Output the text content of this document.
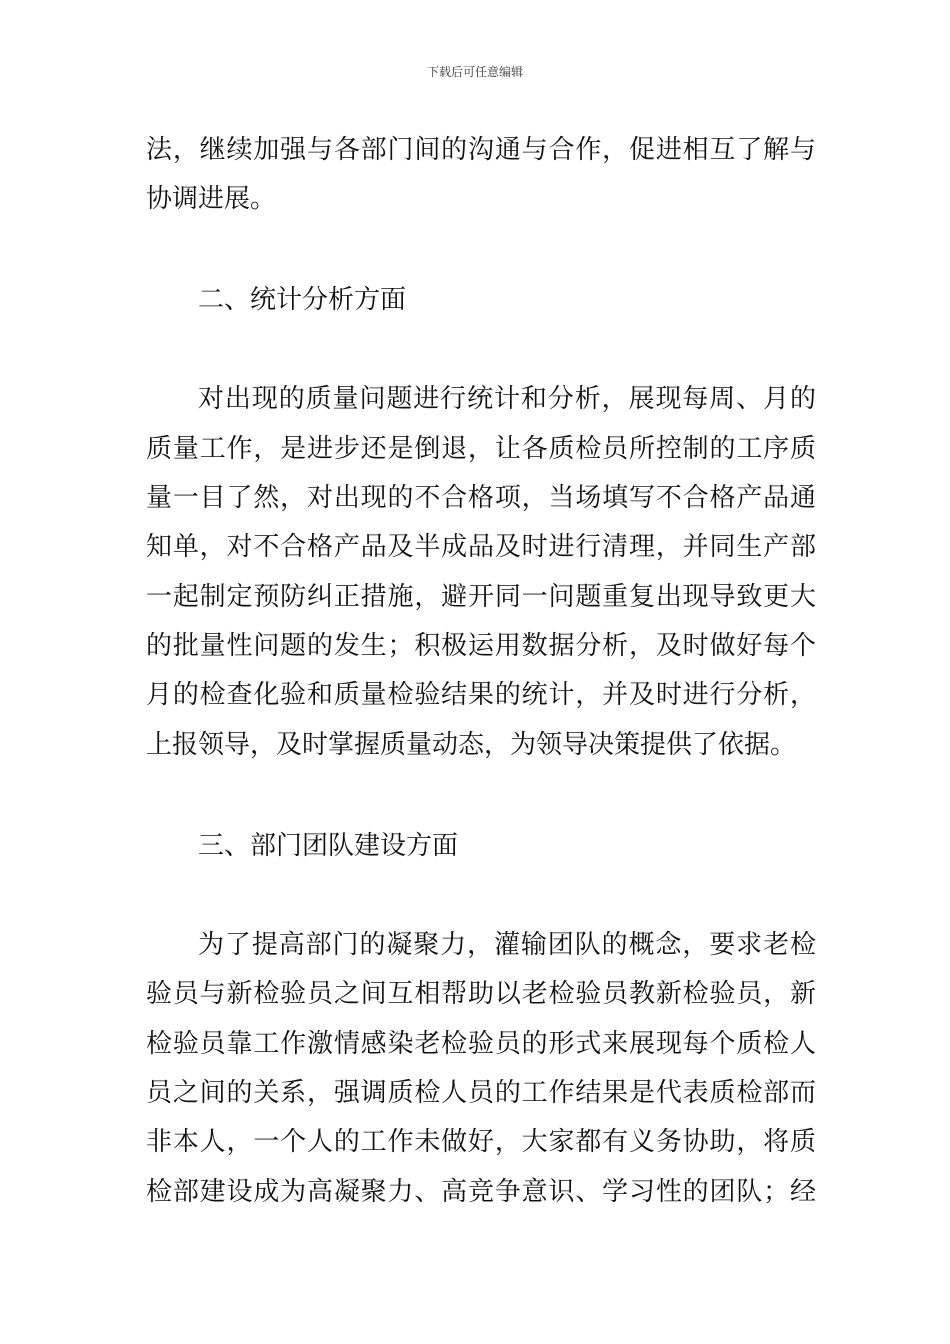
下载后可任意编辑
法，继续加强与各部门间的沟通与合作，促进相互了解与
协调进展。
二、统计分析方面
对出现的质量问题进行统计和分析，展现每周、月的
质量工作，是进步还是倒退，让各质检员所控制的工序质
量一目了然，对出现的不合格项，当场填写不合格产品通
知单，对不合格产品及半成品及时进行清理，并同生产部
一起制定预防纠正措施，避开同一问题重复出现导致更大
的批量性问题的发生；积极运用数据分析，及时做好每个
月的检查化验和质量检验结果的统计，并及时进行分析，
上报领导，及时掌握质量动态，为领导决策提供了依据。
三、部门团队建设方面
为了提高部门的凝聚力，灌输团队的概念，要求老检
验员与新检验员之间互相帮助以老检验员教新检验员，新
检验员靠工作激情感染老检验员的形式来展现每个质检人
员之间的关系，强调质检人员的工作结果是代表质检部而
非本人，一个人的工作未做好，大家都有义务协助，将质
检部建设成为高凝聚力、高竞争意识、学习性的团队；经
